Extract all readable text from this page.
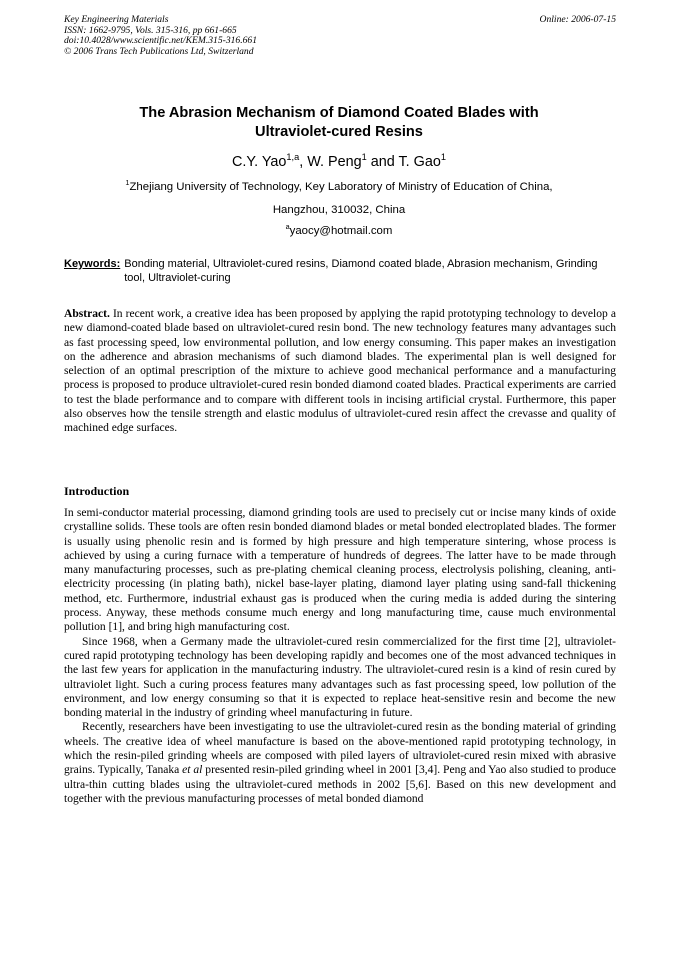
Key Engineering Materials
ISSN: 1662-9795, Vols. 315-316, pp 661-665
doi:10.4028/www.scientific.net/KEM.315-316.661
© 2006 Trans Tech Publications Ltd, Switzerland
Online: 2006-07-15
The Abrasion Mechanism of Diamond Coated Blades with
Ultraviolet-cured Resins
C.Y. Yao$^{1,a}$, W. Peng$^1$ and T. Gao$^1$
$^1$Zhejiang University of Technology, Key Laboratory of Ministry of Education of China,
Hangzhou, 310032, China
$^a$yaocy@hotmail.com
Keywords: Bonding material, Ultraviolet-cured resins, Diamond coated blade, Abrasion mechanism, Grinding tool, Ultraviolet-curing

Abstract. In recent work, a creative idea has been proposed by applying the rapid prototyping technology to develop a new diamond-coated blade based on ultraviolet-cured resin bond. The new technology features many advantages such as fast processing speed, low environmental pollution, and low energy consuming. This paper makes an investigation on the adherence and abrasion mechanisms of such diamond blades. The experimental plan is well designed for selection of an optimal prescription of the mixture to achieve good mechanical performance and a manufacturing process is proposed to produce ultraviolet-cured resin bonded diamond coated blades. Practical experiments are carried to test the blade performance and to compare with different tools in incising artificial crystal. Furthermore, this paper also observes how the tensile strength and elastic modulus of ultraviolet-cured resin affect the crevasse and quality of machined edge surfaces.

Introduction

In semi-conductor material processing, diamond grinding tools are used to precisely cut or incise many kinds of oxide crystalline solids. These tools are often resin bonded diamond blades or metal bonded electroplated blades. The former is usually using phenolic resin and is formed by high pressure and high temperature sintering, whose process is achieved by using a curing furnace with a temperature of hundreds of degrees. The latter have to be made through many manufacturing processes, such as pre-plating chemical cleaning process, electrolysis polishing, cleaning, anti-electricity processing (in plating bath), nickel base-layer plating, diamond layer plating using sand-fall thickening method, etc. Furthermore, industrial exhaust gas is produced when the curing media is added during the sintering process. Anyway, these methods consume much energy and long manufacturing time, cause much environmental pollution [1], and bring high manufacturing cost.

Since 1968, when a Germany made the ultraviolet-cured resin commercialized for the first time [2], ultraviolet-cured rapid prototyping technology has been developing rapidly and becomes one of the most advanced techniques in the last few years for application in the manufacturing industry. The ultraviolet-cured resin is a kind of resin cured by ultraviolet light. Such a curing process features many advantages such as fast processing speed, low pollution of the environment, and low energy consuming so that it is expected to replace heat-sensitive resin and become the new bonding material in the industry of grinding wheel manufacturing in future.

Recently, researchers have been investigating to use the ultraviolet-cured resin as the bonding material of grinding wheels. The creative idea of wheel manufacture is based on the above-mentioned rapid prototyping technology, in which the resin-piled grinding wheels are composed with piled layers of ultraviolet-cured resin mixed with abrasive grains. Typically, Tanaka et al presented resin-piled grinding wheel in 2001 [3,4]. Peng and Yao also studied to produce ultra-thin cutting blades using the ultraviolet-cured methods in 2002 [5,6]. Based on this new development and together with the previous manufacturing processes of metal bonded diamond
